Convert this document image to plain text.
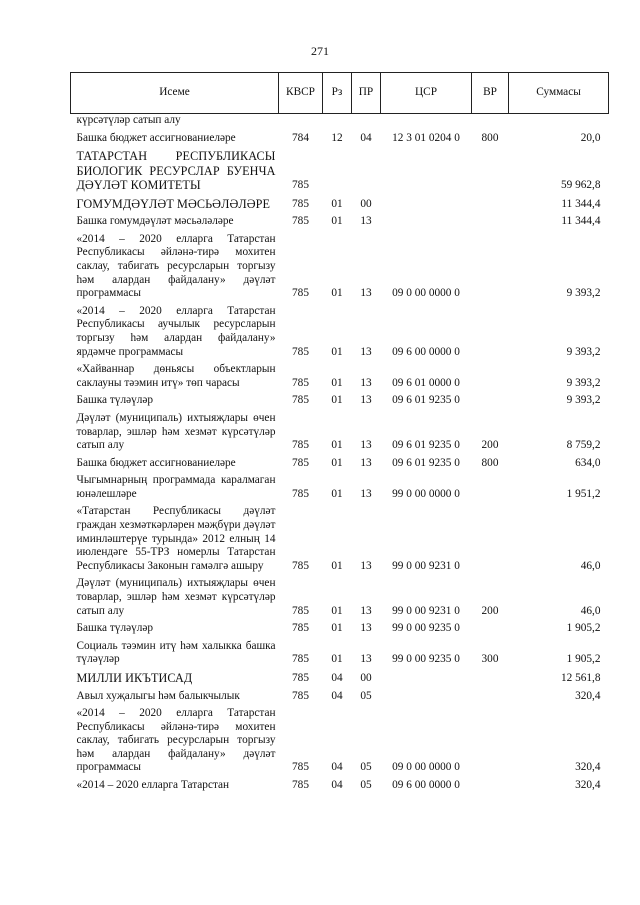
271
Исеме	КВСР	Рз	ПР	ЦСР	ВР	Суммасы
күрсәтүләр сатып алу						

Башка бюджет ассигнованиеләре	784	12	04	12 3 01 0204 0	800	20,0

ТАТАРСТАН РЕСПУБЛИКАСЫ БИОЛОГИК РЕСУРСЛАР БУЕНЧА ДӘҮЛӘТ КОМИТЕТЫ	785					59 962,8

ГОМУМДӘҮЛӘТ МӘСЬӘЛӘЛӘРЕ	785	01	00			11 344,4

Башка гомумдәүләт мәсьәләләре	785	01	13			11 344,4

«2014 – 2020 елларга Татарстан Республикасы әйләнә-тирә мохитен саклау, табигать ресурсларын торгызу һәм алардан файдалану» дәүләт программасы	785	01	13	09 0 00 0000 0		9 393,2

«2014 – 2020 елларга Татарстан Республикасы аучылык ресурсларын торгызу һәм алардан файдалану» ярдәмче программасы	785	01	13	09 6 00 0000 0		9 393,2

«Хайваннар дөньясы объектларын саклауны тәэмин итү» төп чарасы	785	01	13	09 6 01 0000 0		9 393,2

Башка түләүләр	785	01	13	09 6 01 9235 0		9 393,2

Дәүләт (муниципаль) ихтыяҗлары өчен товарлар, эшләр һәм хезмәт күрсәтүләр сатып алу	785	01	13	09 6 01 9235 0	200	8 759,2

Башка бюджет ассигнованиеләре	785	01	13	09 6 01 9235 0	800	634,0

Чыгымнарның программада каралмаган юнәлешләре	785	01	13	99 0 00 0000 0		1 951,2

«Татарстан Республикасы дәүләт граждан хезмәткәрләрен мәҗбүри дәүләт иминләштерүе турында» 2012 елның 14 июлендәге 55-ТРЗ номерлы Татарстан Республикасы Законын гамәлгә ашыру	785	01	13	99 0 00 9231 0		46,0

Дәүләт (муниципаль) ихтыяҗлары өчен товарлар, эшләр һәм хезмәт күрсәтүләр сатып алу	785	01	13	99 0 00 9231 0	200	46,0

Башка түләүләр	785	01	13	99 0 00 9235 0		1 905,2

Социаль тәэмин итү һәм халыкка башка түләүләр	785	01	13	99 0 00 9235 0	300	1 905,2

МИЛЛИ ИКЪТИСАД	785	04	00			12 561,8

Авыл хуҗалыгы һәм балыкчылык	785	04	05			320,4

«2014 – 2020 елларга Татарстан Республикасы әйләнә-тирә мохитен саклау, табигать ресурсларын торгызу һәм алардан файдалану» дәүләт программасы	785	04	05	09 0 00 0000 0		320,4

«2014 – 2020 елларга Татарстан	785	04	05	09 6 00 0000 0		320,4
